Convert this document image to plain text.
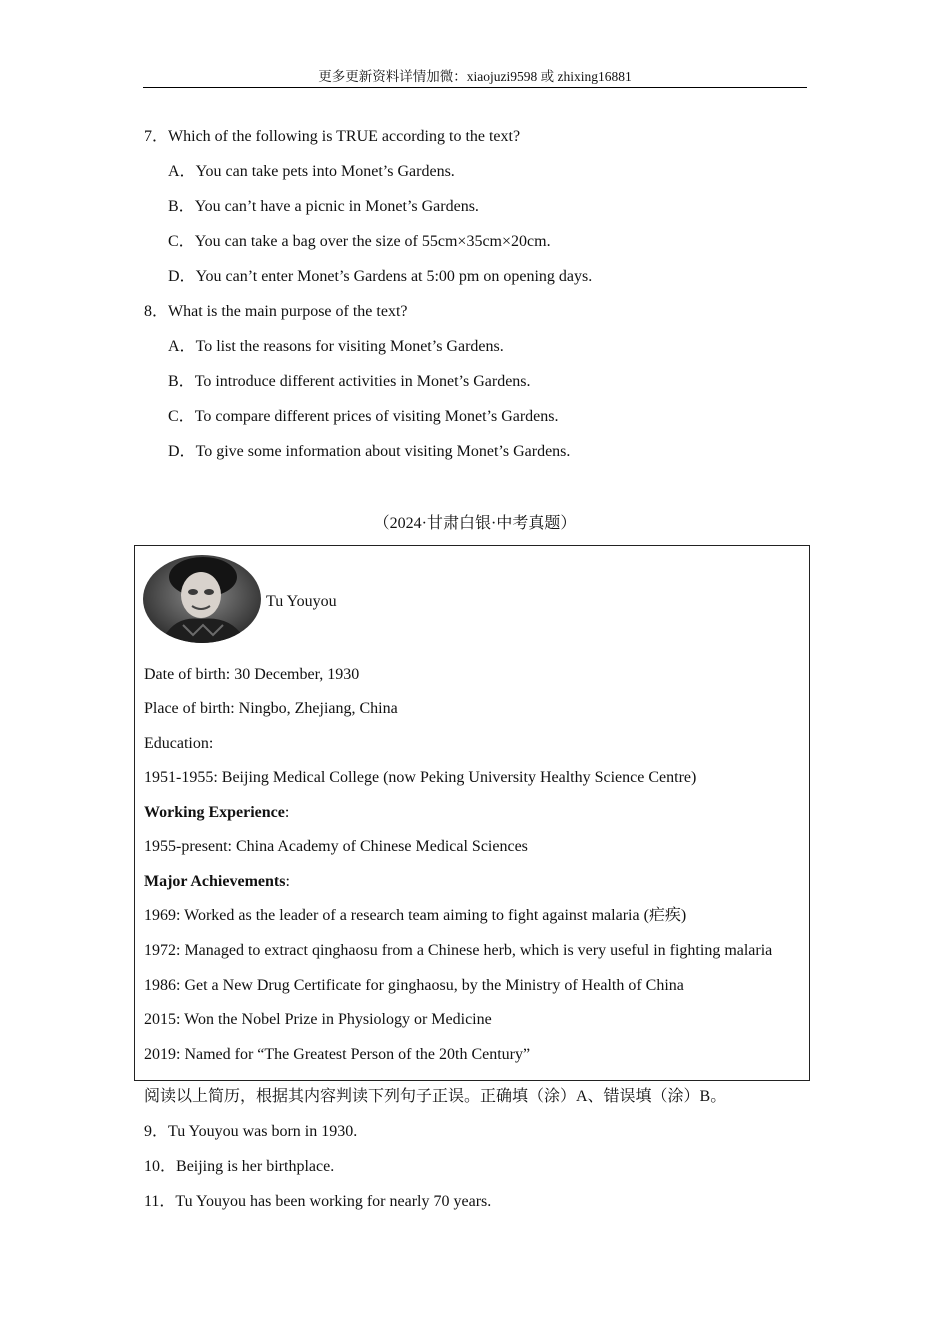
更多更新资料详情加微：xiaojuzi9598 或 zhixing16881
7．Which of the following is TRUE according to the text?
A．You can take pets into Monet’s Gardens.
B．You can’t have a picnic in Monet’s Gardens.
C．You can take a bag over the size of 55cm×35cm×20cm.
D．You can’t enter Monet’s Gardens at 5:00 pm on opening days.
8．What is the main purpose of the text?
A．To list the reasons for visiting Monet’s Gardens.
B．To introduce different activities in Monet’s Gardens.
C．To compare different prices of visiting Monet’s Gardens.
D．To give some information about visiting Monet’s Gardens.
（2024·甘肃白银·中考真题）
Tu Youyou
Date of birth: 30 December, 1930
Place of birth: Ningbo, Zhejiang, China
Education:
1951-1955: Beijing Medical College (now Peking University Healthy Science Centre)
Working Experience:
1955-present: China Academy of Chinese Medical Sciences
Major Achievements:
1969: Worked as the leader of a research team aiming to fight against malaria (疟疾)
1972: Managed to extract qinghaosu from a Chinese herb, which is very useful in fighting malaria
1986: Get a New Drug Certificate for ginghaosu, by the Ministry of Health of China
2015: Won the Nobel Prize in Physiology or Medicine
2019: Named for “The Greatest Person of the 20th Century”
阅读以上简历，根据其内容判读下列句子正误。正确填（涂）A、错误填（涂）B。
9．Tu Youyou was born in 1930.
10．Beijing is her birthplace.
11．Tu Youyou has been working for nearly 70 years.
